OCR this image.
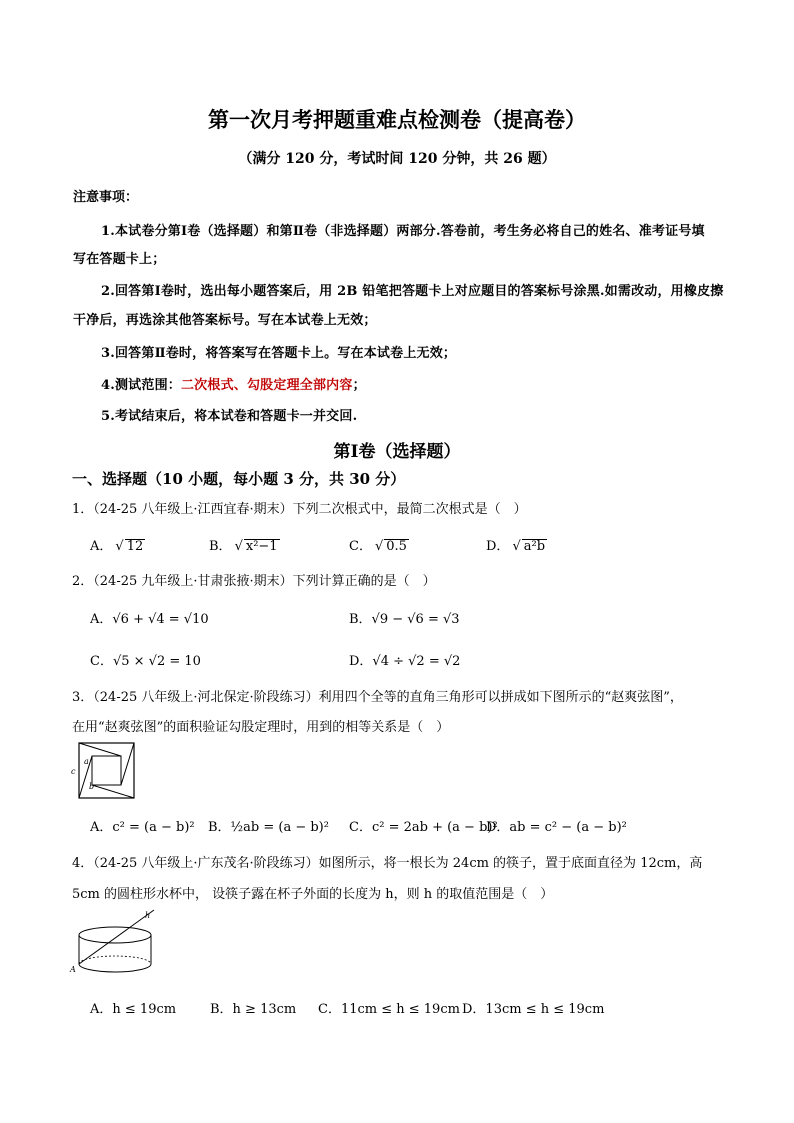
第一次月考押题重难点检测卷（提高卷）
（满分 120 分，考试时间 120 分钟，共 26 题）
注意事项：
1.本试卷分第Ⅰ卷（选择题）和第Ⅱ卷（非选择题）两部分.答卷前，考生务必将自己的姓名、准考证号填
写在答题卡上；
2.回答第Ⅰ卷时，选出每小题答案后，用 2B 铅笔把答题卡上对应题目的答案标号涂黑.如需改动，用橡皮擦
干净后，再选涂其他答案标号。写在本试卷上无效；
3.回答第Ⅱ卷时，将答案写在答题卡上。写在本试卷上无效；
4.测试范围：二次根式、勾股定理全部内容；
5.考试结束后，将本试卷和答题卡一并交回.
第Ⅰ卷（选择题）
一、选择题（10 小题，每小题 3 分，共 30 分）
1．（24-25 八年级上·江西宜春·期末）下列二次根式中，最简二次根式是（　）
A． √ 12	B． √ x²−1	C． √ 0.5	D． √ a²b
2．（24-25 九年级上·甘肃张掖·期末）下列计算正确的是（　）
A．√6 + √4 = √10	B．√9 − √6 = √3
C．√5 × √2 = 10	D．√4 ÷ √2 = √2
3．（24-25 八年级上·河北保定·阶段练习）利用四个全等的直角三角形可以拼成如下图所示的“赵爽弦图”，
在用“赵爽弦图”的面积验证勾股定理时，用到的相等关系是（　）
a
b
c
A．c² = (a − b)² B．½ab = (a − b)² C．c² = 2ab + (a − b)²
D．ab = c² − (a − b)²
4．（24-25 八年级上·广东茂名·阶段练习）如图所示，将一根长为 24cm 的筷子，置于底面直径为 12cm，高
5cm 的圆柱形水杯中， 设筷子露在杯子外面的长度为 h，则 h 的取值范围是（　）
h
A
A．h ≤ 19cm	B．h ≥ 13cm C．11cm ≤ h ≤ 19cm D．13cm ≤ h ≤ 19cm
